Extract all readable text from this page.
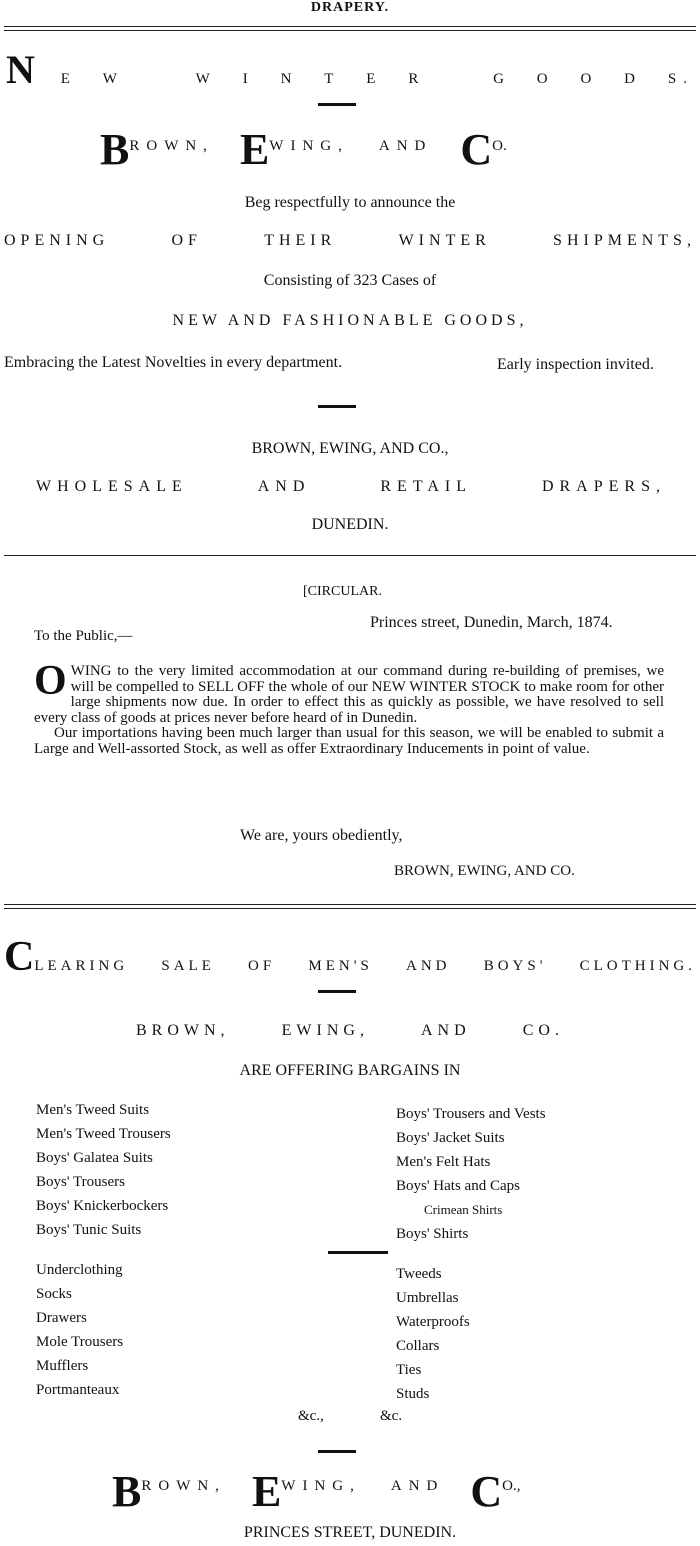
DRAPERY.
N E W	W I N T E R	G O O D S.
BROWN, EWING, AND CO.
Beg respectfully to announce the
OPENING	OF	THEIR	WINTER	SHIPMENTS,
Consisting of 323 Cases of
NEW AND FASHIONABLE GOODS,
Embracing the Latest Novelties in every department.	Early inspection invited.
BROWN, EWING, AND CO.,
WHOLESALE	AND	RETAIL	DRAPERS,
DUNEDIN.
[CIRCULAR.
Princes street, Dunedin, March, 1874.
To the Public,—
OWING to the very limited accommodation at our command during re-building of premises, we will be compelled to SELL OFF the whole of our NEW WINTER STOCK to make room for other large shipments now due. In order to effect this as quickly as possible, we have resolved to sell every class of goods at prices never before heard of in Dunedin.
Our importations having been much larger than usual for this season, we will be enabled to submit a Large and Well-assorted Stock, as well as offer Extraordinary Inducements in point of value.
We are, yours obediently,
BROWN, EWING, AND CO.
CLEARING SALE OF MEN'S AND BOYS' CLOTHING.
BROWN,	EWING,	AND	CO.
ARE OFFERING BARGAINS IN
Men's Tweed Suits
Men's Tweed Trousers
Boys' Galatea Suits
Boys' Trousers
Boys' Knickerbockers
Boys' Tunic Suits
Boys' Trousers and Vests
Boys' Jacket Suits
Men's Felt Hats
Boys' Hats and Caps
Crimean Shirts
Boys' Shirts
Underclothing
Socks
Drawers
Mole Trousers
Mufflers
Portmanteaux
Tweeds
Umbrellas
Waterproofs
Collars
Ties
Studs
&c.,	&c.
BROWN, EWING, AND CO.,
PRINCES STREET, DUNEDIN.
